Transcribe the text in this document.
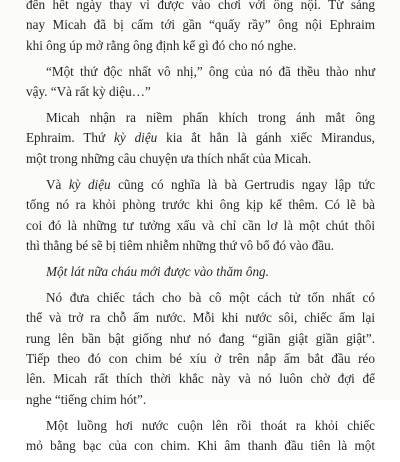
đến hết ngày thay vì được vào chơi với ông nội. Từ sáng
nay Micah đã bị cấm tới gần “quấy rầy” ông nội Ephraim
khi ông úp mở rằng ông định kể gì đó cho nó nghe.

“Một thứ độc nhất vô nhị,” ông của nó đã thều thào như
vậy. “Và rất kỳ diệu…”

Micah nhận ra niềm phấn khích trong ánh mắt ông
Ephraim. Thứ kỳ diệu kia ắt hẳn là gánh xiếc Mirandus,
một trong những câu chuyện ưa thích nhất của Micah.

Và kỳ diệu cũng có nghĩa là bà Gertrudis ngay lập tức
tống nó ra khỏi phòng trước khi ông kịp kể thêm. Có lẽ bà
coi đó là những tư tưởng xấu và chỉ cần lơ là một chút thôi
thì thằng bé sẽ bị tiêm nhiễm những thứ vô bổ đó vào đầu.

Một lát nữa cháu mới được vào thăm ông.

Nó đưa chiếc tách cho bà cô một cách tử tốn nhất có
thể và trở ra chỗ ấm nước. Mỗi khi nước sôi, chiếc ấm lại
rung lên bần bật giống như nó đang “giần giật giần giật”.
Tiếp theo đó con chim bé xíu ở trên nắp ấm bắt đầu réo
lên. Micah rất thích thời khắc này và nó luôn chờ đợi để
nghe “tiếng chim hót”.

Một luồng hơi nước cuộn lên rồi thoát ra khỏi chiếc
mỏ bằng bạc của con chim. Khi âm thanh đầu tiên là một
